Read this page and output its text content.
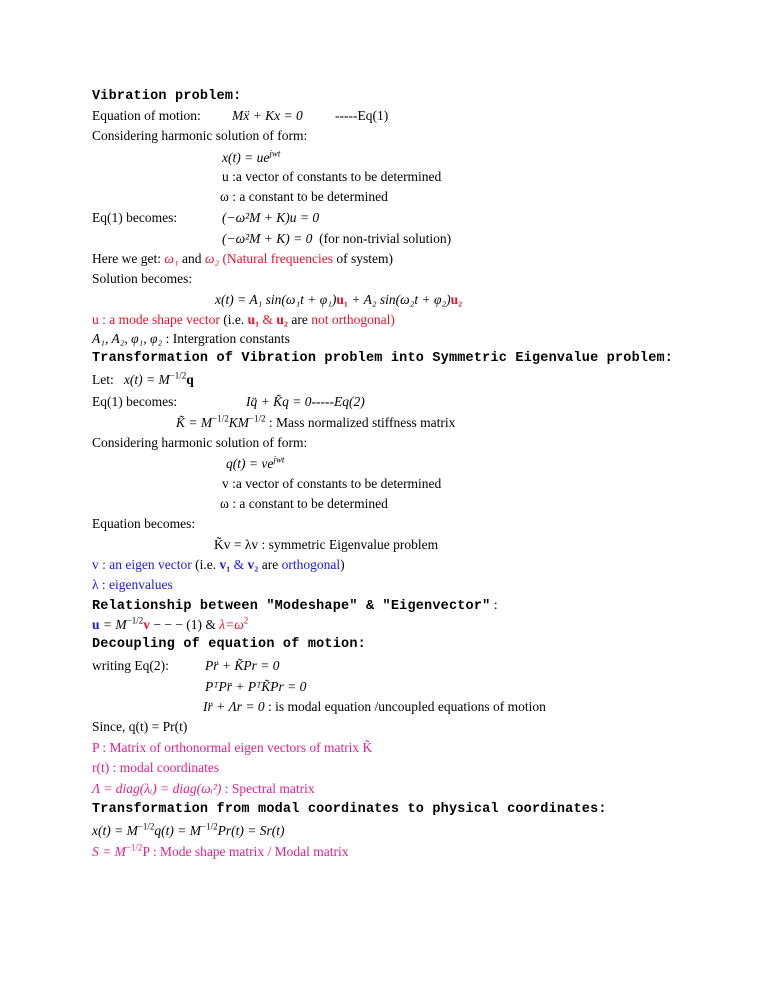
Vibration problem:
Equation of motion: Mẍ + Kx = 0 -----Eq(1)
Considering harmonic solution of form:
$x(t) = ue^{jwt}$
u :a vector of constants to be determined
ω : a constant to be determined
Eq(1) becomes:	(−ω²M + K)u = 0
(−ω²M + K) = 0 (for non-trivial solution)
Here we get: ω₁ and ω₂ (Natural frequencies of system)
Solution becomes:
x(t) = A₁ sin(ω₁t + φ₁)u₁ + A₂ sin(ω₂t + φ₂)u₂
u : a mode shape vector (i.e. u₁ & u₂ are not orthogonal)
A₁, A₂, φ₁, φ₂ : Intergration constants
Transformation of Vibration problem into Symmetric Eigenvalue problem:
Let: $x(t) = M^{-1/2}q$
Eq(1) becomes:	Iq̈ + K̃q = 0-----Eq(2)
K̃ = $M^{-1/2}KM^{-1/2}$ : Mass normalized stiffness matrix
Considering harmonic solution of form:
$q(t) = ve^{jwt}$
v :a vector of constants to be determined
ω : a constant to be determined
Equation becomes:
K̃v = λv : symmetric Eigenvalue problem
v : an eigen vector (i.e. v₁ & v₂ are orthogonal)
λ : eigenvalues
Relationship between "Modeshape" & "Eigenvector" :
$u = M^{-1/2}v$ − − − (1) & $\lambda=\omega^2$
Decoupling of equation of motion:
writing Eq(2):	Pr̈ + K̃Pr = 0
PᵀPr̈ + PᵀK̃Pr = 0
Ir̈ + Λr = 0 : is modal equation /uncoupled equations of motion
Since, q(t) = Pr(t)
P : Matrix of orthonormal eigen vectors of matrix K̃
r(t) : modal coordinates
Λ = diag(λᵢ) = diag(ωᵢ²) : Spectral matrix
Transformation from modal coordinates to physical coordinates:
$x(t) = M^{-1/2}q(t) = M^{-1/2}Pr(t) = Sr(t)$
$S = M^{-1/2}P$ : Mode shape matrix / Modal matrix
